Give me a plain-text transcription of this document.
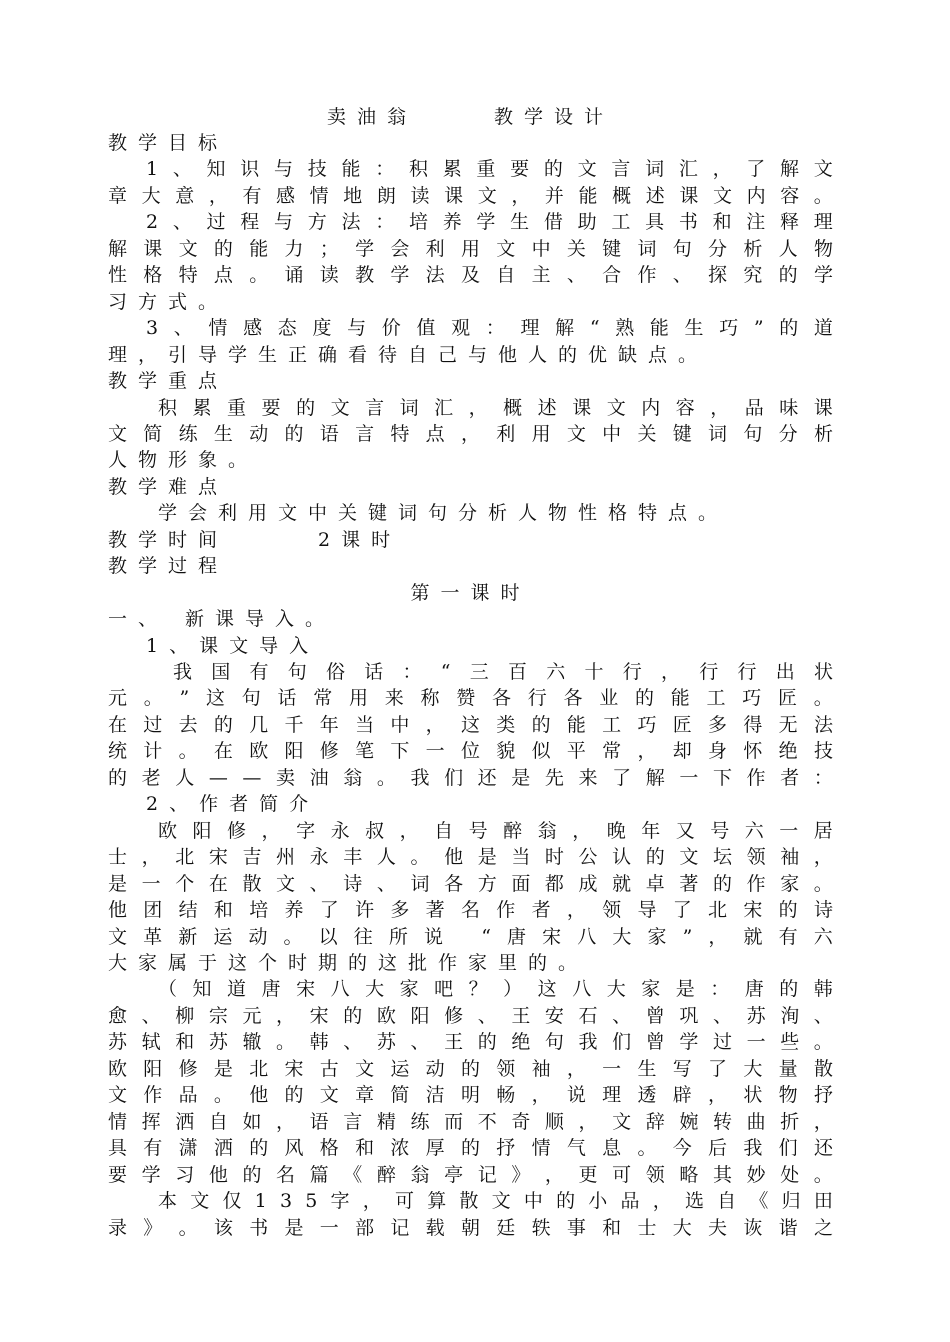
卖油翁　　 教学设计
教学目标
1 、 知 识 与 技 能 ： 积 累 重 要 的 文 言 词 汇 ， 了 解 文
章 大 意 ， 有 感 情 地 朗 读 课 文 ， 并 能 概 述 课 文 内 容 。
2 、 过 程 与 方 法 ： 培 养 学 生 借 助 工 具 书 和 注 释 理
解 课 文 的 能 力 ； 学 会 利 用 文 中 关 键 词 句 分 析 人 物
性 格 特 点 。 诵 读 教 学 法 及 自 主 、 合 作 、 探 究 的 学
习方式。
3 、 情 感 态 度 与 价 值 观 ： 理 解 “ 熟 能 生 巧 ” 的 道
理，引导学生正确看待自己与他人的优缺点。
教学重点
积 累 重 要 的 文 言 词 汇 ， 概 述 课 文 内 容 ， 品 味 课
文 简 练 生 动 的 语 言 特 点 ， 利 用 文 中 关 键 词 句 分 析
人物形象。
教学难点
学会利用文中关键词句分析人物性格特点。
教学时间　　　2课时
教学过程
第一课时
一、 新课导入。
1、课文导入
我 国 有 句 俗 话 ： “ 三 百 六 十 行 ， 行 行 出 状
元 。 ” 这 句 话 常 用 来 称 赞 各 行 各 业 的 能 工 巧 匠 。
在 过 去 的 几 千 年 当 中 ， 这 类 的 能 工 巧 匠 多 得 无 法
统 计 。 在 欧 阳 修 笔 下 一 位 貌 似 平 常 ， 却 身 怀 绝 技
的 老 人 — — 卖 油 翁 。 我 们 还 是 先 来 了 解 一 下 作 者 ：
2、作者简介
欧 阳 修 ， 字 永 叔 ， 自 号 醉 翁 ， 晚 年 又 号 六 一 居
士 ， 北 宋 吉 州 永 丰 人 。 他 是 当 时 公 认 的 文 坛 领 袖 ，
是 一 个 在 散 文 、 诗 、 词 各 方 面 都 成 就 卓 著 的 作 家 。
他 团 结 和 培 养 了 许 多 著 名 作 者 ， 领 导 了 北 宋 的 诗
文 革 新 运 动 。 以 往 所 说
“ 唐 宋 八 大 家 ” ， 就 有 六
大家属于这个时期的这批作家里的。
（ 知 道 唐 宋 八 大 家 吧 ？ ） 这 八 大 家 是 ： 唐 的 韩
愈 、 柳 宗 元 ， 宋 的 欧 阳 修 、 王 安 石 、 曾 巩 、 苏 洵 、
苏 轼 和 苏 辙 。 韩 、 苏 、 王 的 绝 句 我 们 曾 学 过 一 些 。
欧 阳 修 是 北 宋 古 文 运 动 的 领 袖 ， 一 生 写 了 大 量 散
文 作 品 。 他 的 文 章 简 洁 明 畅 ， 说 理 透 辟 ， 状 物 抒
情 挥 洒 自 如 ， 语 言 精 练 而 不 奇 顺 ， 文 辞 婉 转 曲 折 ，
具 有 潇 洒 的 风 格 和 浓 厚 的 抒 情 气 息 。 今 后 我 们 还
要 学 习 他 的 名 篇 《 醉 翁 亭 记 》 ， 更 可 领 略 其 妙 处 。
本 文 仅 1 3 5 字 ， 可 算 散 文 中 的 小 品 ， 选 自 《 归 田
录 》 。 该 书 是 一 部 记 载 朝 廷 轶 事 和 士 大 夫 诙 谐 之
